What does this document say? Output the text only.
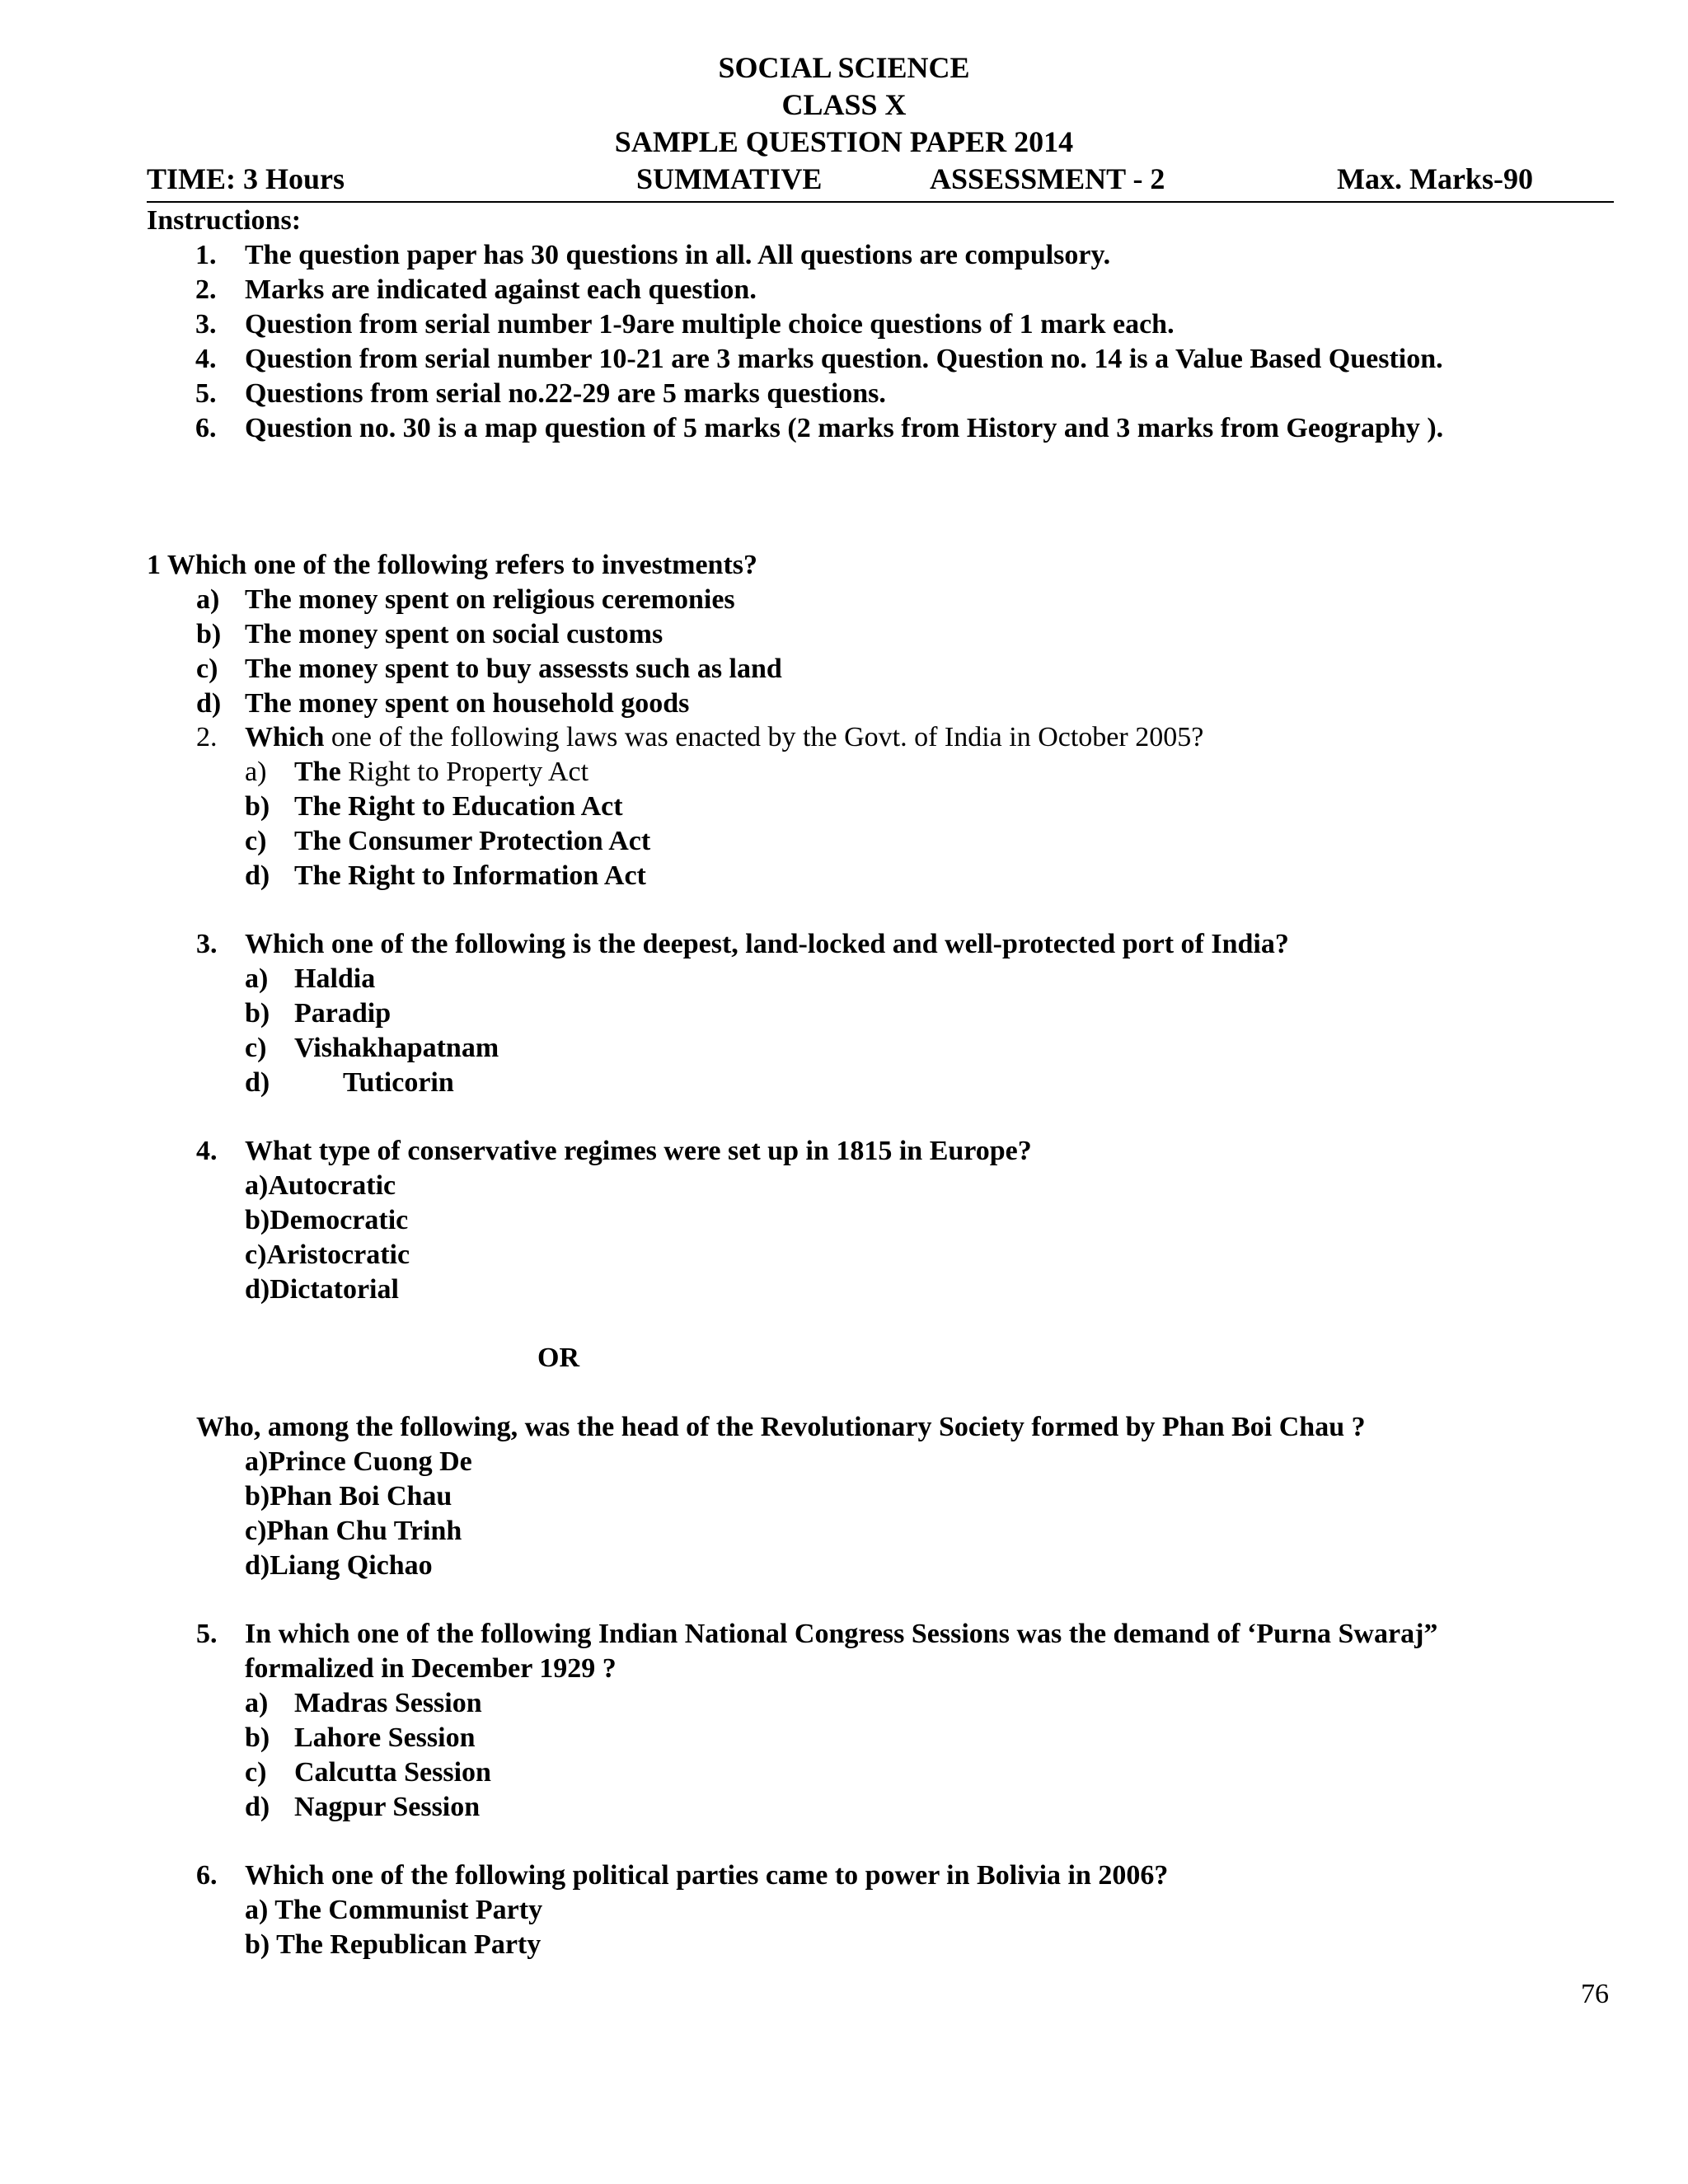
SOCIAL SCIENCE
CLASS X
SAMPLE QUESTION PAPER 2014
TIME: 3 Hours	SUMMATIVE	ASSESSMENT - 2	Max. Marks-90
Instructions:
1. The question paper has 30 questions in all. All questions are compulsory.
2. Marks are indicated against each question.
3. Question from serial number 1-9are multiple choice questions of 1 mark each.
4. Question from serial number 10-21 are 3 marks question. Question no. 14 is a Value Based Question.
5. Questions from serial no.22-29 are 5 marks questions.
6. Question no. 30 is a map question of 5 marks (2 marks from History and 3 marks from Geography ).
1 Which one of the following refers to investments?
a) The money spent on religious ceremonies
b) The money spent on social customs
c) The money spent to buy assessts such as land
d) The money spent on household goods
2. Which one of the following laws was enacted by the Govt. of India in October 2005?
a) The Right to Property Act
b) The Right to Education Act
c) The Consumer Protection Act
d) The Right to Information Act
3. Which one of the following is the deepest, land-locked and well-protected port of India?
a) Haldia
b) Paradip
c) Vishakhapatnam
d)	Tuticorin
4. What type of conservative regimes were set up in 1815 in Europe?
a)Autocratic
b)Democratic
c)Aristocratic
d)Dictatorial
OR
Who, among the following, was the head of the Revolutionary Society formed by Phan Boi Chau ?
a)Prince Cuong De
b)Phan Boi Chau
c)Phan Chu Trinh
d)Liang Qichao
5. In which one of the following Indian National Congress Sessions was the demand of ‘Purna Swaraj”
formalized in December 1929 ?
a) Madras Session
b) Lahore Session
c) Calcutta Session
d) Nagpur Session
6. Which one of the following political parties came to power in Bolivia in 2006?
a) The Communist Party
b) The Republican Party
76
